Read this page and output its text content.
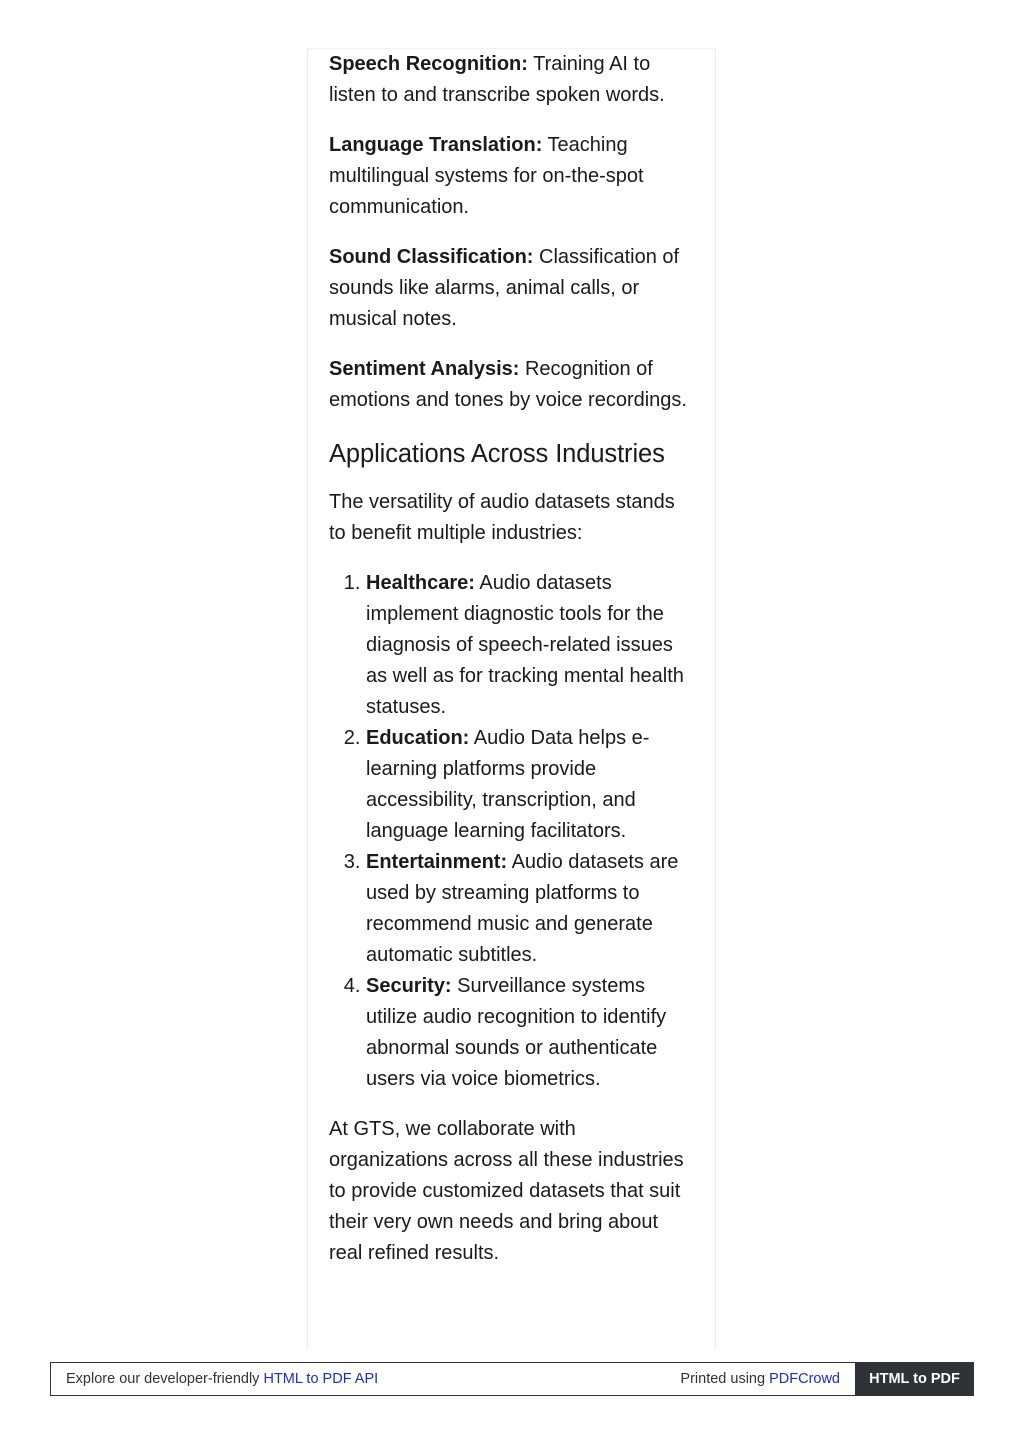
Speech Recognition: Training AI to listen to and transcribe spoken words.

Language Translation: Teaching multilingual systems for on-the-spot communication.

Sound Classification: Classification of sounds like alarms, animal calls, or musical notes.

Sentiment Analysis: Recognition of emotions and tones by voice recordings.

Applications Across Industries

The versatility of audio datasets stands to benefit multiple industries:

1. Healthcare: Audio datasets implement diagnostic tools for the diagnosis of speech-related issues as well as for tracking mental health statuses.
2. Education: Audio Data helps e-learning platforms provide accessibility, transcription, and language learning facilitators.
3. Entertainment: Audio datasets are used by streaming platforms to recommend music and generate automatic subtitles.
4. Security: Surveillance systems utilize audio recognition to identify abnormal sounds or authenticate users via voice biometrics.

At GTS, we collaborate with organizations across all these industries to provide customized datasets that suit their very own needs and bring about real refined results.

Explore our developer-friendly HTML to PDF API	Printed using PDFCrowd	HTML to PDF
